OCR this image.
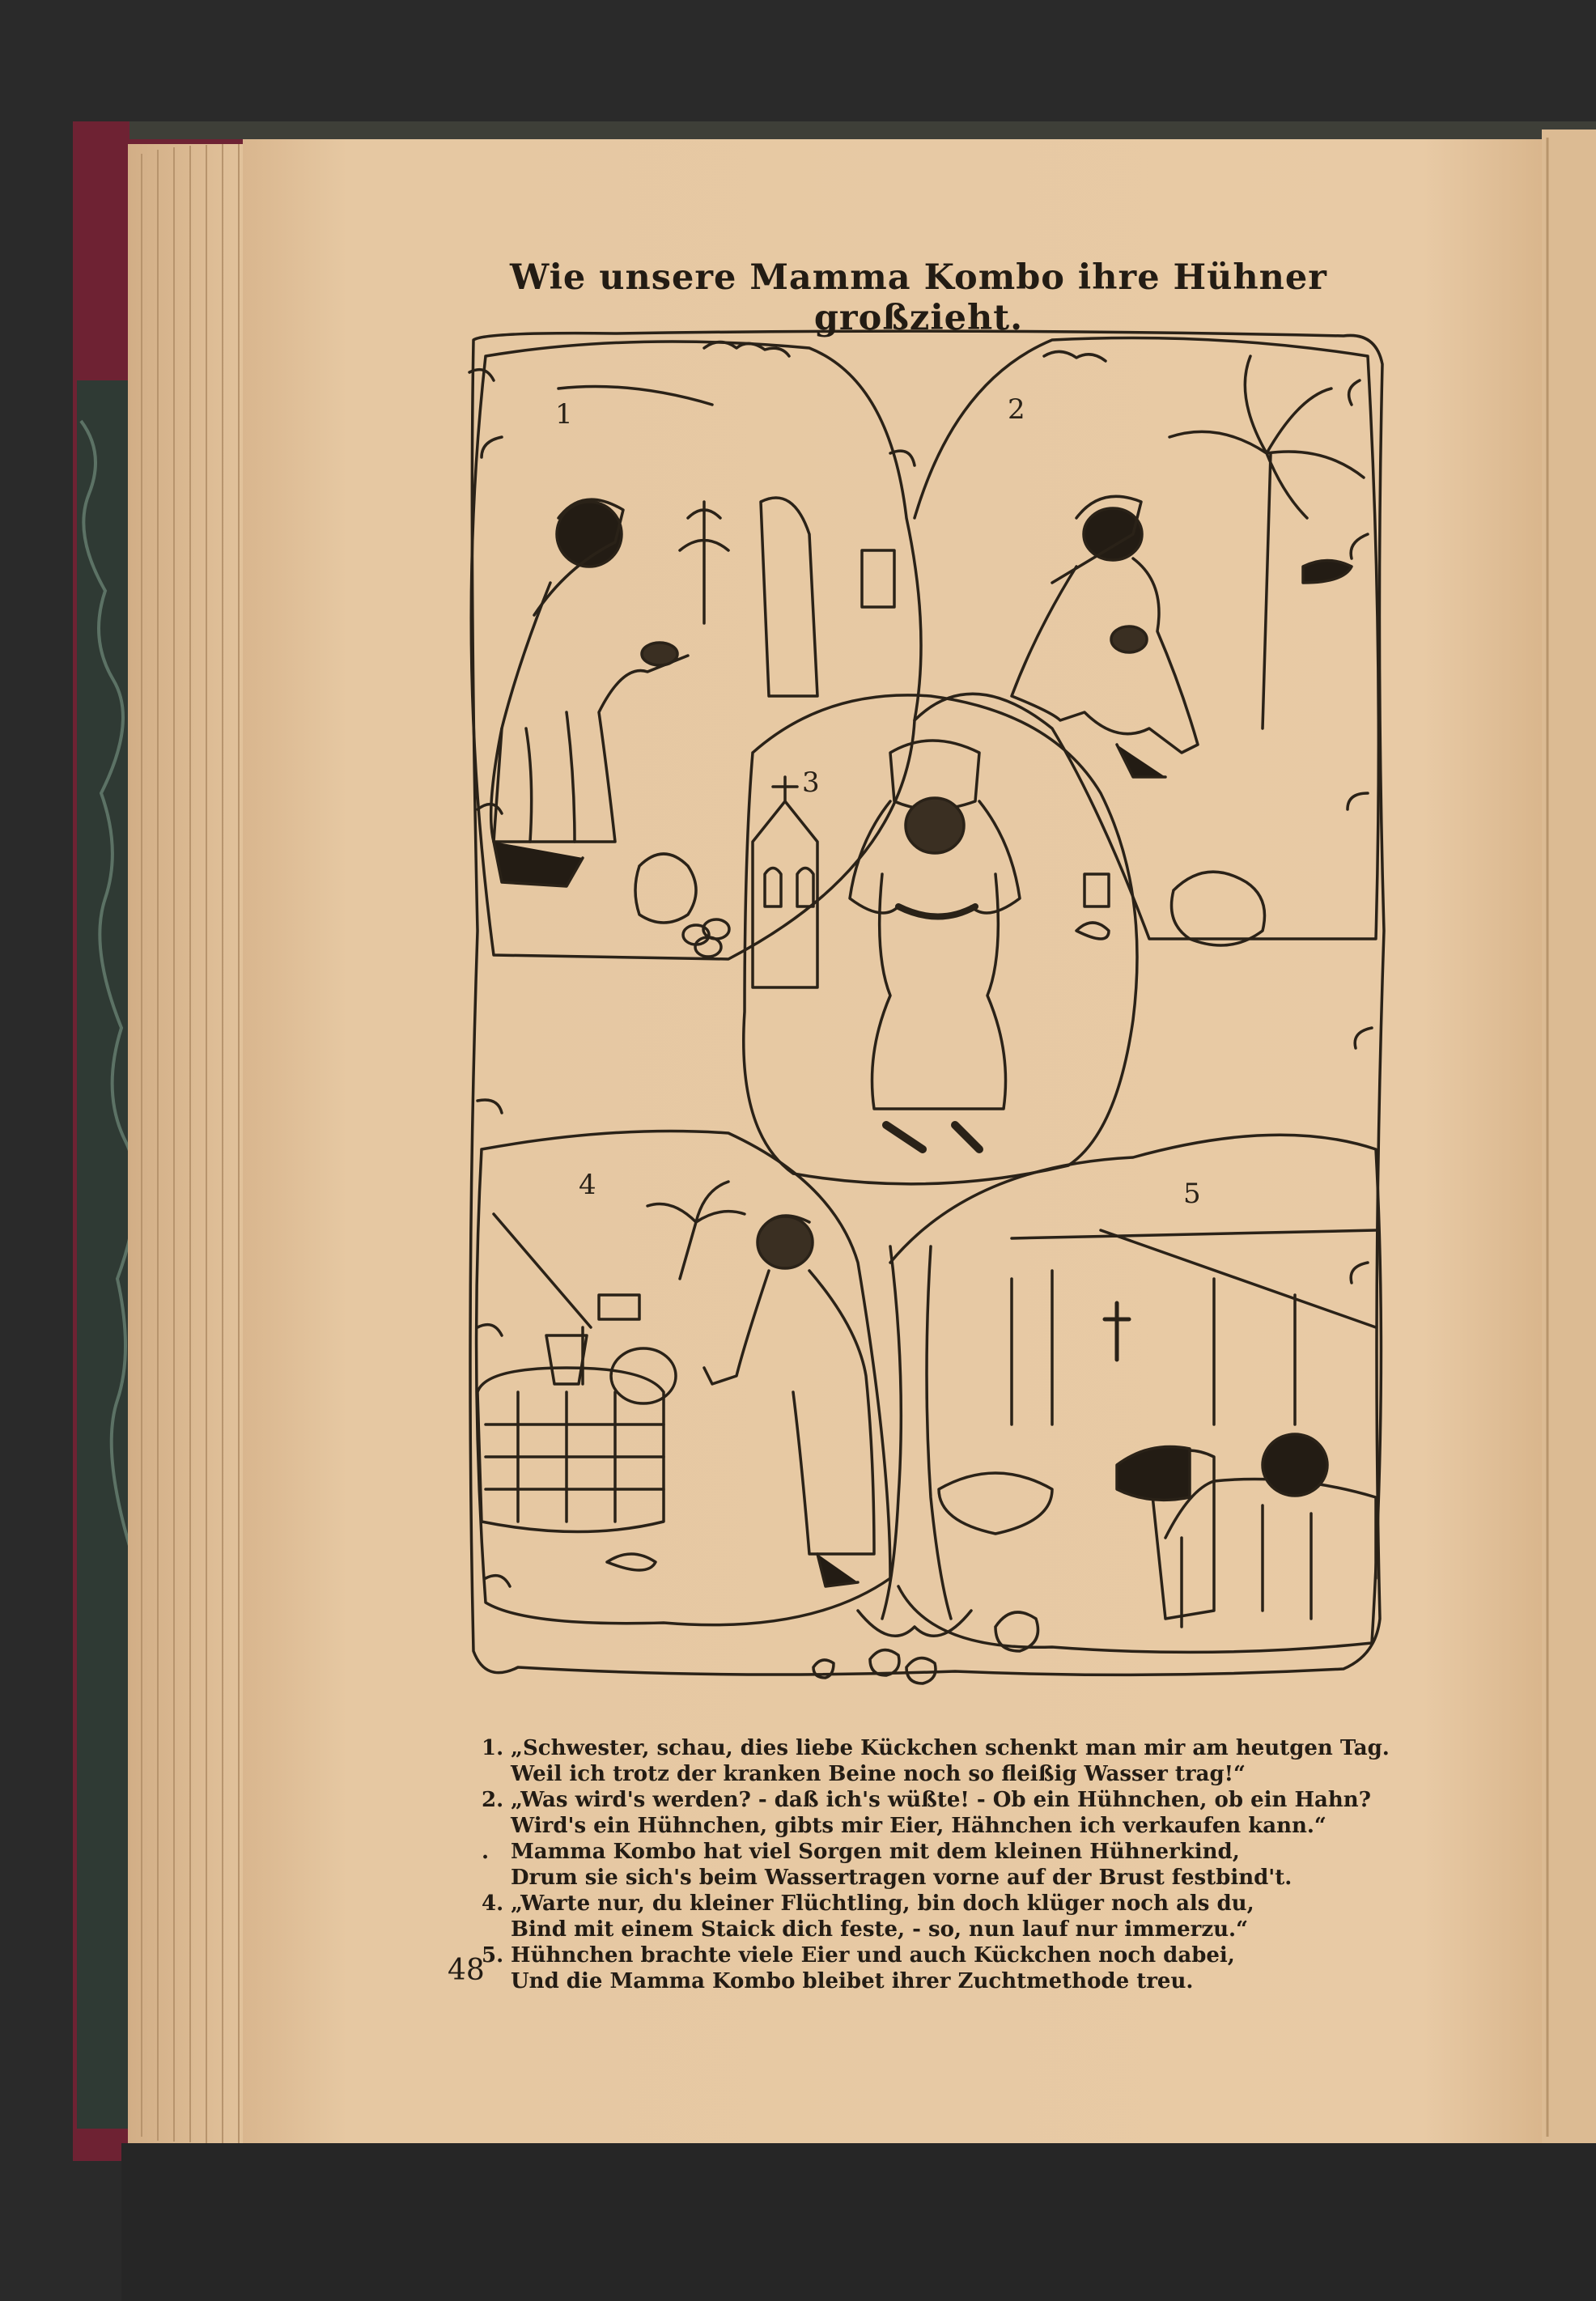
1	2
3
4	5
Wie unsere Mamma Kombo ihre Hühner großzieht.
1. „Schwester, schau, dies liebe Kückchen schenkt man mir am heutgen Tag.
Weil ich trotz der kranken Beine noch so fleißig Wasser trag!“
2. „Was wird's werden? - daß ich's wüßte! - Ob ein Hühnchen, ob ein Hahn?
Wird's ein Hühnchen, gibts mir Eier, Hähnchen ich verkaufen kann.“
. Mamma Kombo hat viel Sorgen mit dem kleinen Hühnerkind,
Drum sie sich's beim Wassertragen vorne auf der Brust festbind't.
4. „Warte nur, du kleiner Flüchtling, bin doch klüger noch als du,
Bind mit einem Staick dich feste, - so, nun lauf nur immerzu.“
5. Hühnchen brachte viele Eier und auch Kückchen noch dabei,
Und die Mamma Kombo bleibet ihrer Zuchtmethode treu.
48
